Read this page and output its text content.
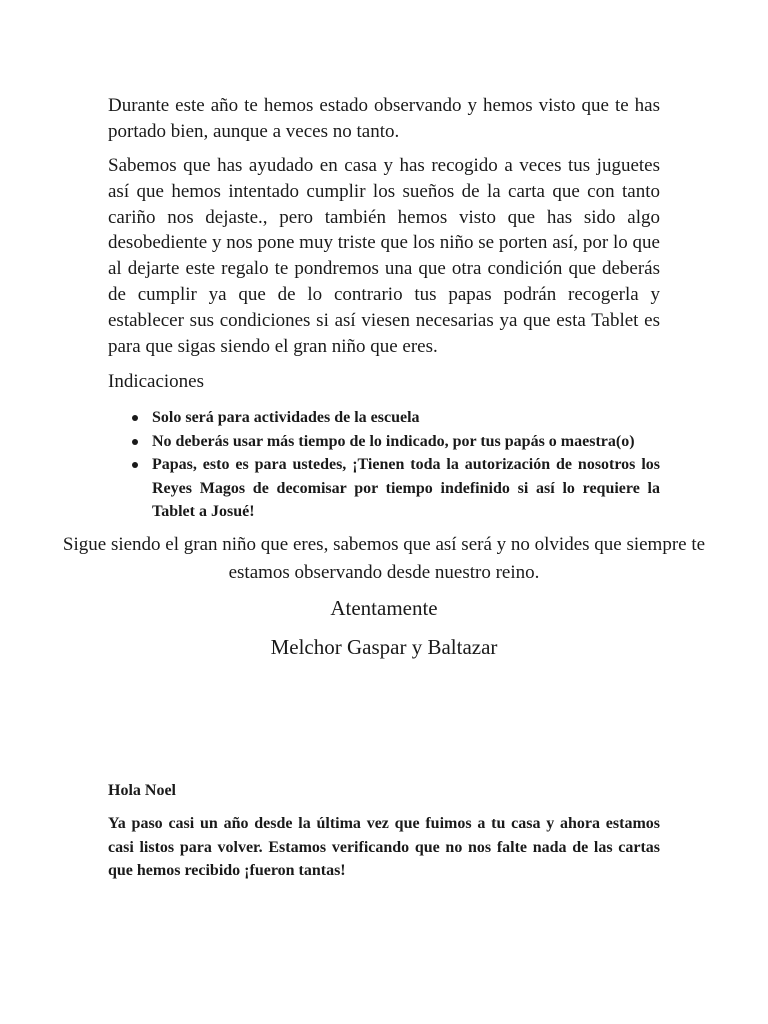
Durante este año te hemos estado observando y hemos visto que te has portado bien, aunque a veces no tanto.

Sabemos que has ayudado en casa y has recogido a veces tus juguetes así que hemos intentado cumplir los sueños de la carta que con tanto cariño nos dejaste., pero también hemos visto que has sido algo desobediente y nos pone muy triste que los niño se porten así, por lo que al dejarte este regalo te pondremos una que otra condición que deberás de cumplir ya que de lo contrario tus papas podrán recogerla y establecer sus condiciones si así viesen necesarias ya que esta Tablet es para que sigas siendo el gran niño que eres.

Indicaciones

Solo será para actividades de la escuela
No deberás usar más tiempo de lo indicado, por tus papás o maestra(o)
Papas, esto es para ustedes, ¡Tienen toda la autorización de nosotros los Reyes Magos de decomisar por tiempo indefinido si así lo requiere la Tablet a Josué!

Sigue siendo el gran niño que eres, sabemos que así será y no olvides que siempre te estamos observando desde nuestro reino.

Atentamente

Melchor Gaspar y Baltazar

Hola Noel

Ya paso casi un año desde la última vez que fuimos a tu casa y ahora estamos casi listos para volver. Estamos verificando que no nos falte nada de las cartas que hemos recibido ¡fueron tantas!
